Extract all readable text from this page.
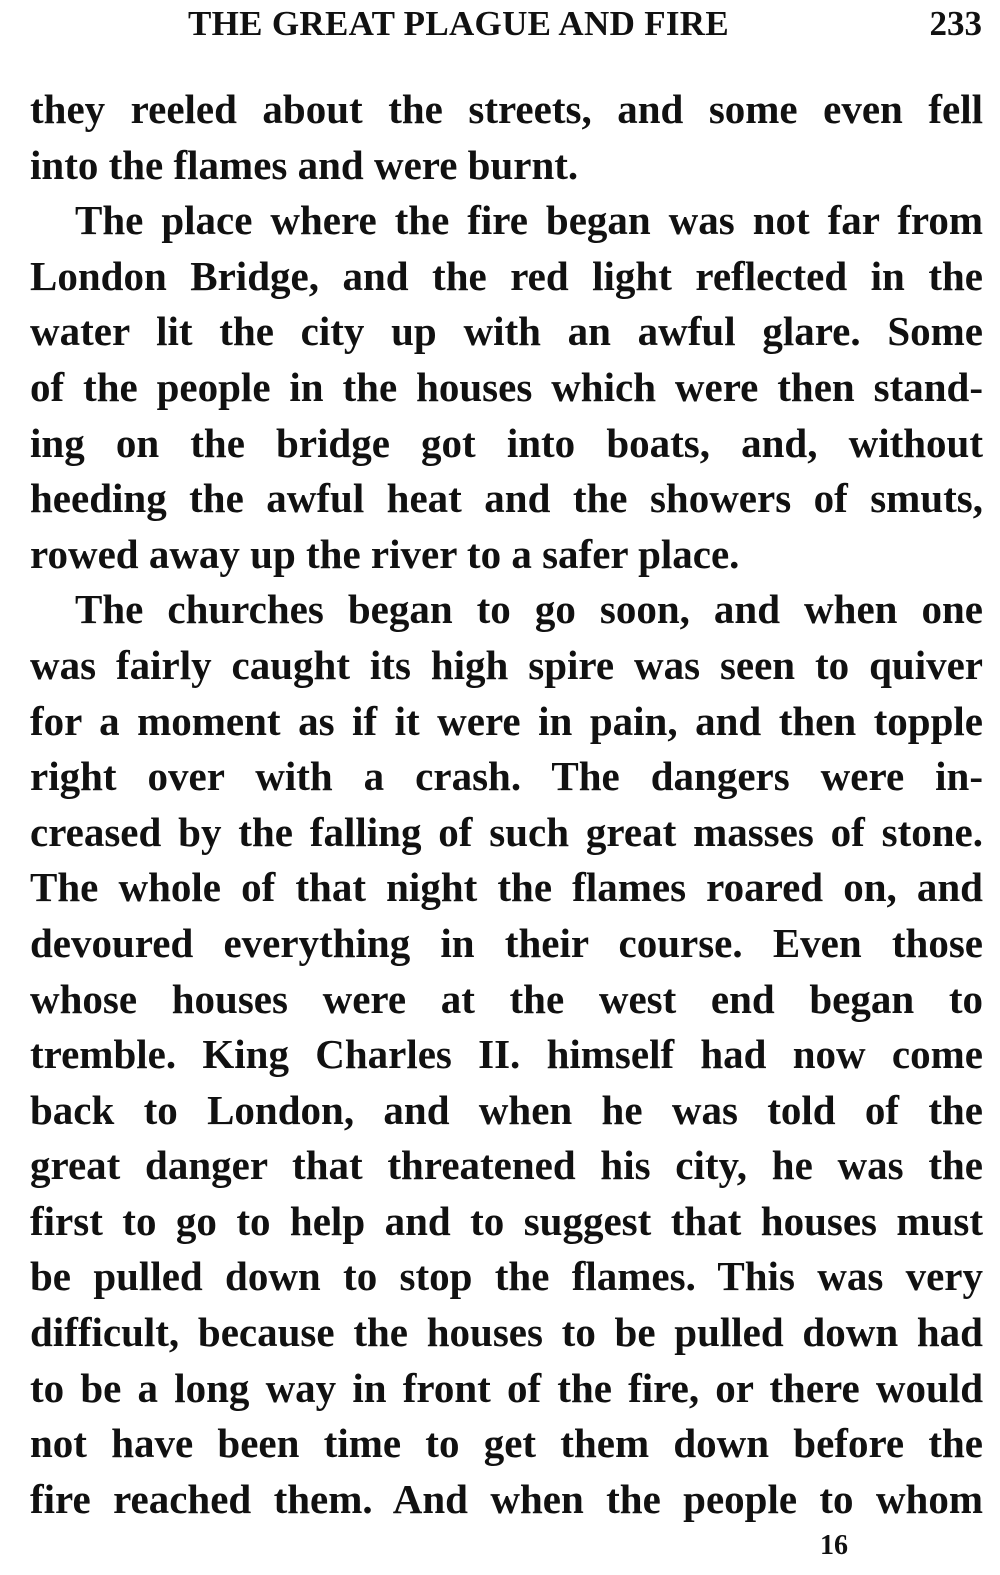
THE GREAT PLAGUE AND FIRE	233
they reeled about the streets, and some even fell
into the flames and were burnt.
The place where the fire began was not far from
London Bridge, and the red light reflected in the
water lit the city up with an awful glare. Some
of the people in the houses which were then stand-
ing on the bridge got into boats, and, without
heeding the awful heat and the showers of smuts,
rowed away up the river to a safer place.
The churches began to go soon, and when one
was fairly caught its high spire was seen to quiver
for a moment as if it were in pain, and then topple
right over with a crash. The dangers were in-
creased by the falling of such great masses of stone.
The whole of that night the flames roared on, and
devoured everything in their course. Even those
whose houses were at the west end began to
tremble. King Charles II. himself had now come
back to London, and when he was told of the
great danger that threatened his city, he was the
first to go to help and to suggest that houses must
be pulled down to stop the flames. This was very
difficult, because the houses to be pulled down had
to be a long way in front of the fire, or there would
not have been time to get them down before the
fire reached them. And when the people to whom
16
